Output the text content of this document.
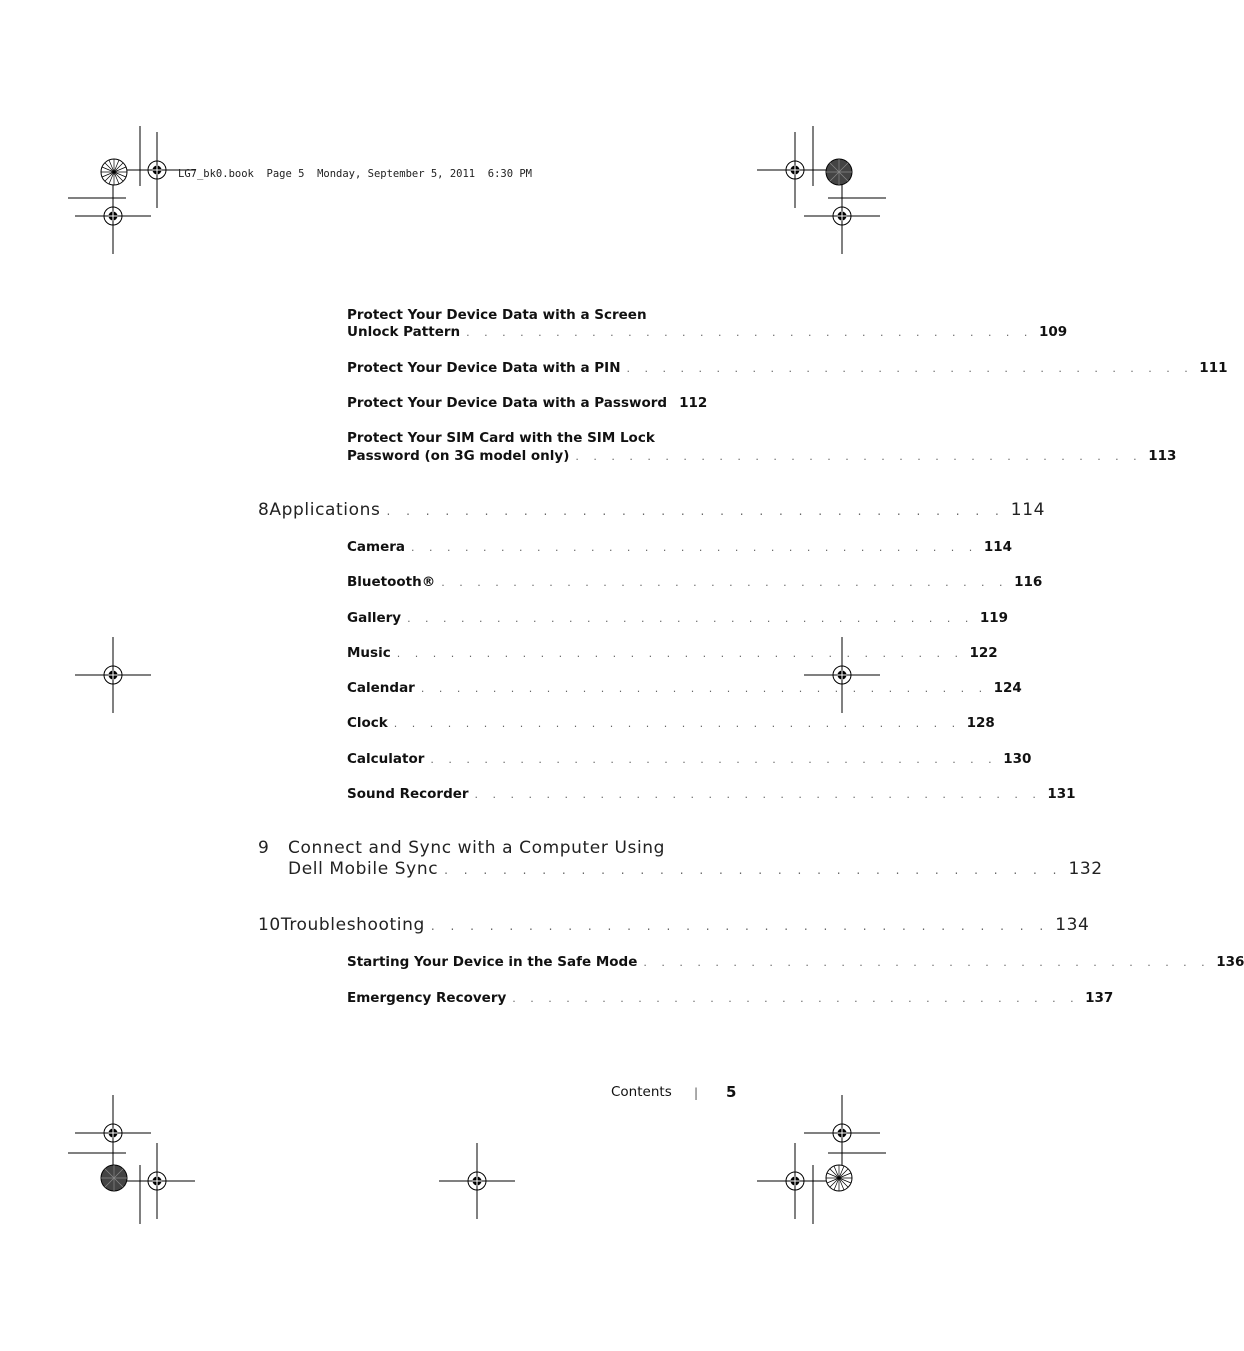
LG7_bk0.book  Page 5  Monday, September 5, 2011  6:30 PM
Protect Your Device Data with a Screen
Unlock Pattern . . . . . . . . . . . . . . . . . . . . . . . . . . . . . . . . 109
Protect Your Device Data with a PIN . . . . . . . . . . . . . . . . . . . . . . . . . . . . . . . . 111
Protect Your Device Data with a Password 112
Protect Your SIM Card with the SIM Lock
Password (on 3G model only) . . . . . . . . . . . . . . . . . . . . . . . . . . . . . . . . 113
8 Applications . . . . . . . . . . . . . . . . . . . . . . . . . . . . . . . . 114
Camera . . . . . . . . . . . . . . . . . . . . . . . . . . . . . . . . 114
Bluetooth® . . . . . . . . . . . . . . . . . . . . . . . . . . . . . . . . 116
Gallery . . . . . . . . . . . . . . . . . . . . . . . . . . . . . . . . 119
Music . . . . . . . . . . . . . . . . . . . . . . . . . . . . . . . . 122
Calendar . . . . . . . . . . . . . . . . . . . . . . . . . . . . . . . . 124
Clock . . . . . . . . . . . . . . . . . . . . . . . . . . . . . . . . 128
Calculator . . . . . . . . . . . . . . . . . . . . . . . . . . . . . . . . 130
Sound Recorder . . . . . . . . . . . . . . . . . . . . . . . . . . . . . . . . 131
9 Connect and Sync with a Computer Using
Dell Mobile Sync . . . . . . . . . . . . . . . . . . . . . . . . . . . . . . . . 132
10 Troubleshooting . . . . . . . . . . . . . . . . . . . . . . . . . . . . . . . . 134
Starting Your Device in the Safe Mode . . . . . . . . . . . . . . . . . . . . . . . . . . . . . . . . 136
Emergency Recovery . . . . . . . . . . . . . . . . . . . . . . . . . . . . . . . . 137
Contents | 5
